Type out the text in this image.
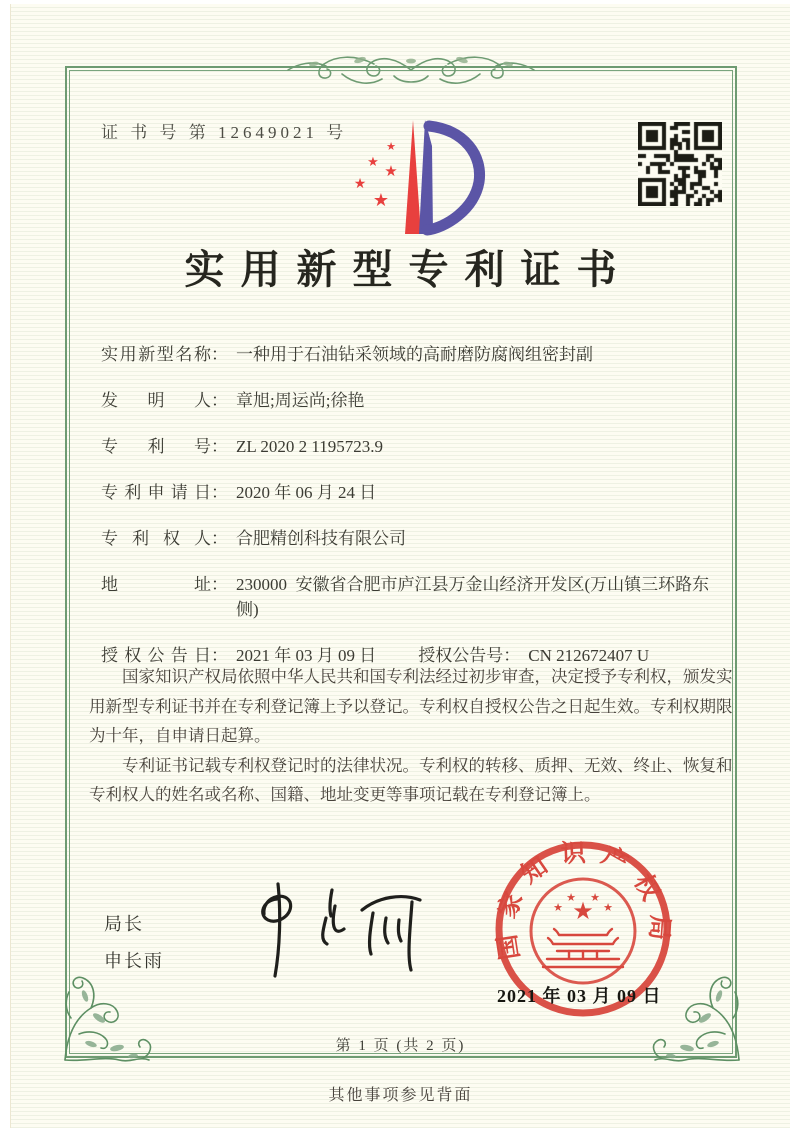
证 书 号 第 12649021 号
★
★ ★
★
★
实用新型专利证书
实用新型名称 ： 一种用于石油钻采领域的高耐磨防腐阀组密封副
发明人 ： 章旭;周运尚;徐艳
专利号 ： ZL 2020 2 1195723.9
专利申请日 ： 2020 年 06 月 24 日
专利权人 ： 合肥精创科技有限公司
地址 ： 230000  安徽省合肥市庐江县万金山经济开发区(万山镇三环路东侧)
授权公告日 ： 2021 年 03 月 09 日 授权公告号 ： CN 212672407 U

国家知识产权局依照中华人民共和国专利法经过初步审查，决定授予专利权，颁发实用新型专利证书并在专利登记簿上予以登记。专利权自授权公告之日起生效。专利权期限为十年，自申请日起算。

专利证书记载专利权登记时的法律状况。专利权的转移、质押、无效、终止、恢复和专利权人的姓名或名称、国籍、地址变更等事项记载在专利登记簿上。

局长
申长雨	国家知识产权局
★
★
★ ★
★
2021 年 03 月 09 日
第 1 页 (共 2 页)
其他事项参见背面
